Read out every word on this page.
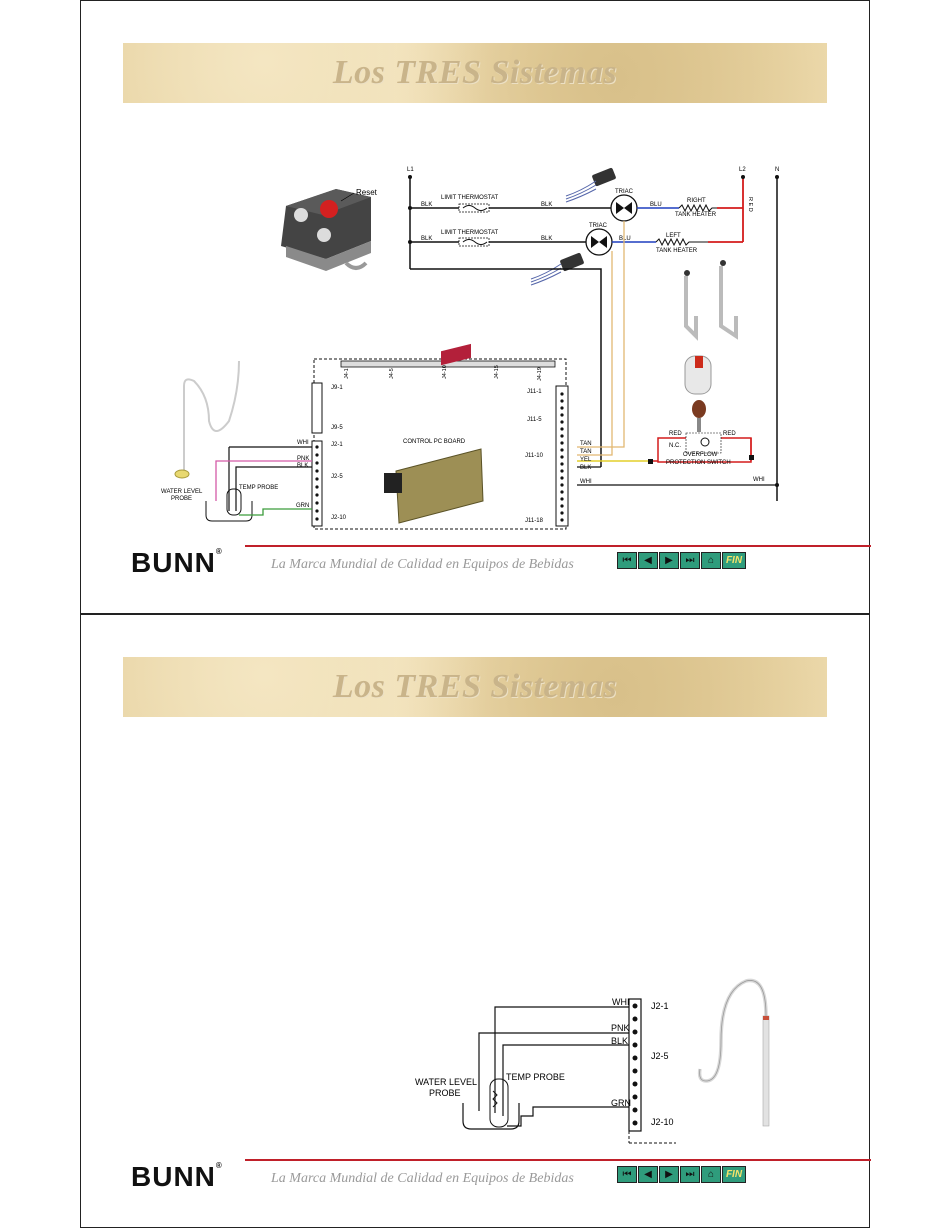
Los TRES Sistemas
Reset
L1	L2	N
LIMIT THERMOSTAT
LIMIT THERMOSTAT
BLK	BLK
BLK	BLK
TRIAC
TRIAC
BLU
BLU
RIGHT
TANK HEATER
LEFT
TANK HEATER
R E D
TAN
TAN
YEL
BLK
RED	RED
N.C.
OVERFLOW
PROTECTION SWITCH
WHI	WHI
J9-1
J9-5
J2-1
J2-5
J2-10
J11-1
J11-5
J11-10
J11-18
J4-1	J4-5	J4-10	J4-15	J4-19
CONTROL PC BOARD
WHI
PNK
BLK
GRN
WATER LEVEL
PROBE
TEMP PROBE
BUNN®
La Marca Mundial de Calidad en Equipos de Bebidas	⏮	◀	▶	⏭	⌂	FIN
Los TRES Sistemas
WHI
PNK
BLK
GRN
J2-1
J2-5
J2-10
WATER LEVEL
PROBE
TEMP PROBE
BUNN®
La Marca Mundial de Calidad en Equipos de Bebidas	⏮	◀	▶	⏭	⌂	FIN
